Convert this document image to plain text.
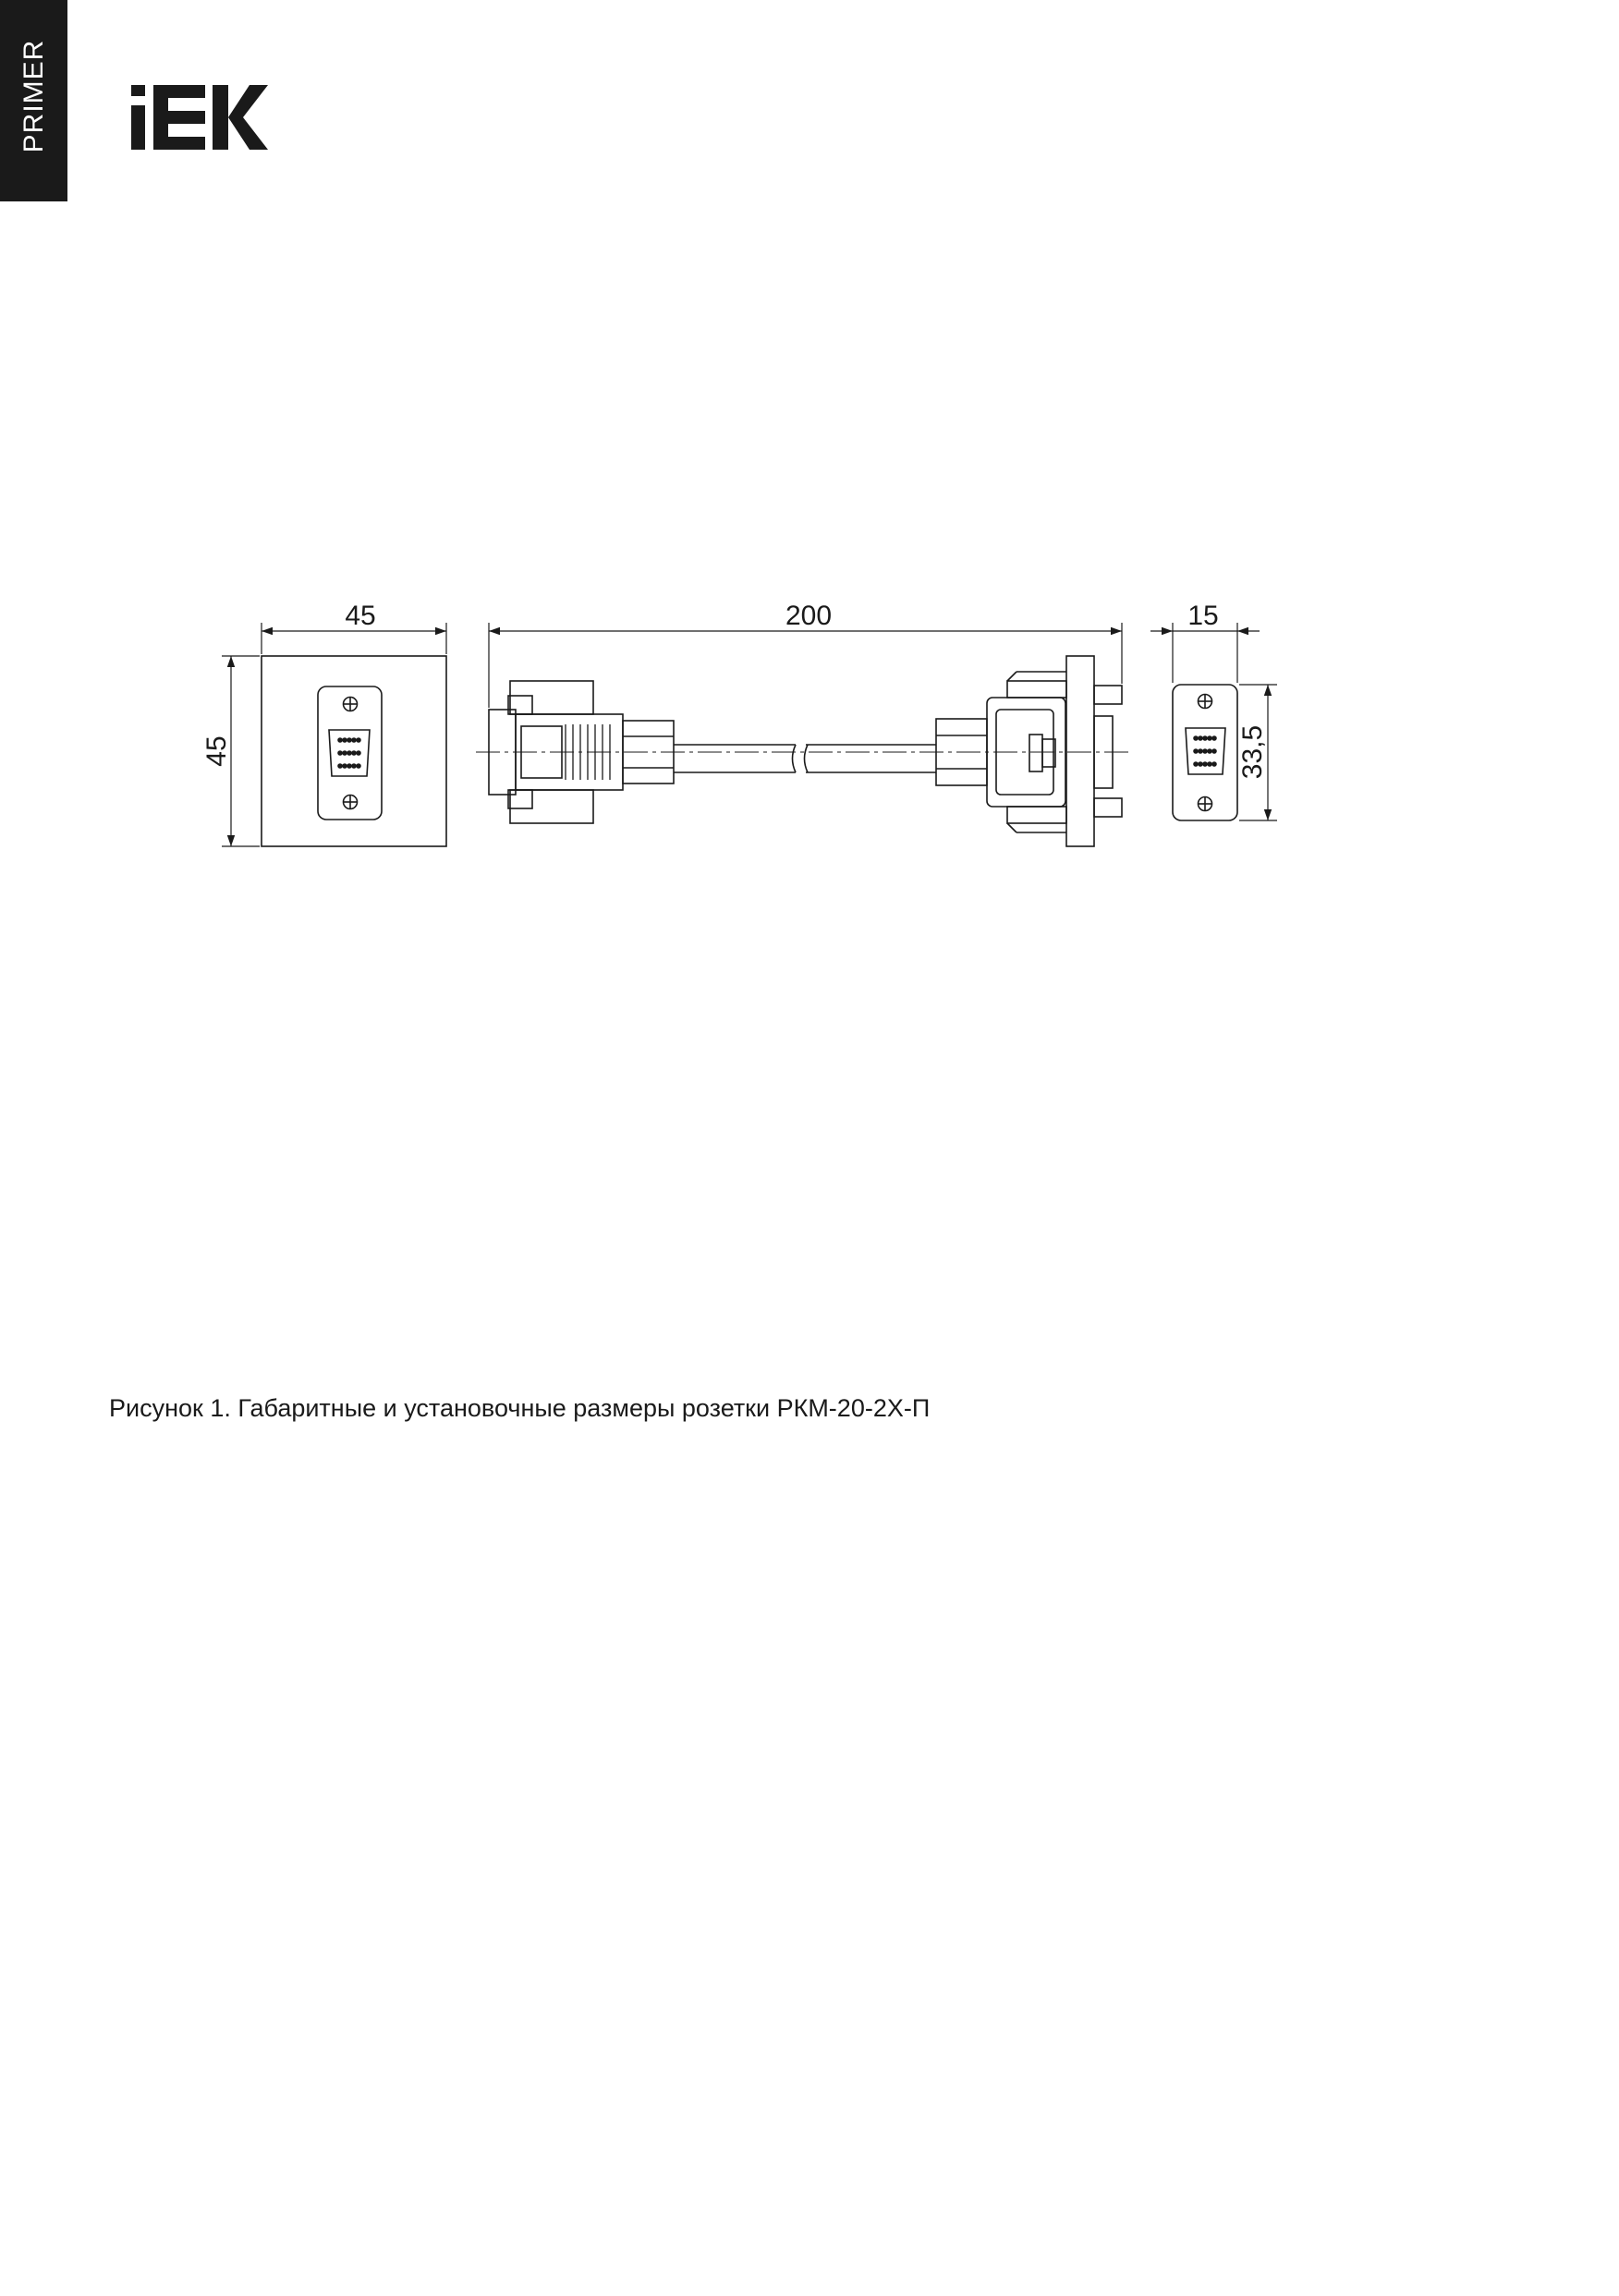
PRIMER
45
45
200	15
33,5
Рисунок 1. Габаритные и установочные размеры розетки РКМ-20-2Х-П
